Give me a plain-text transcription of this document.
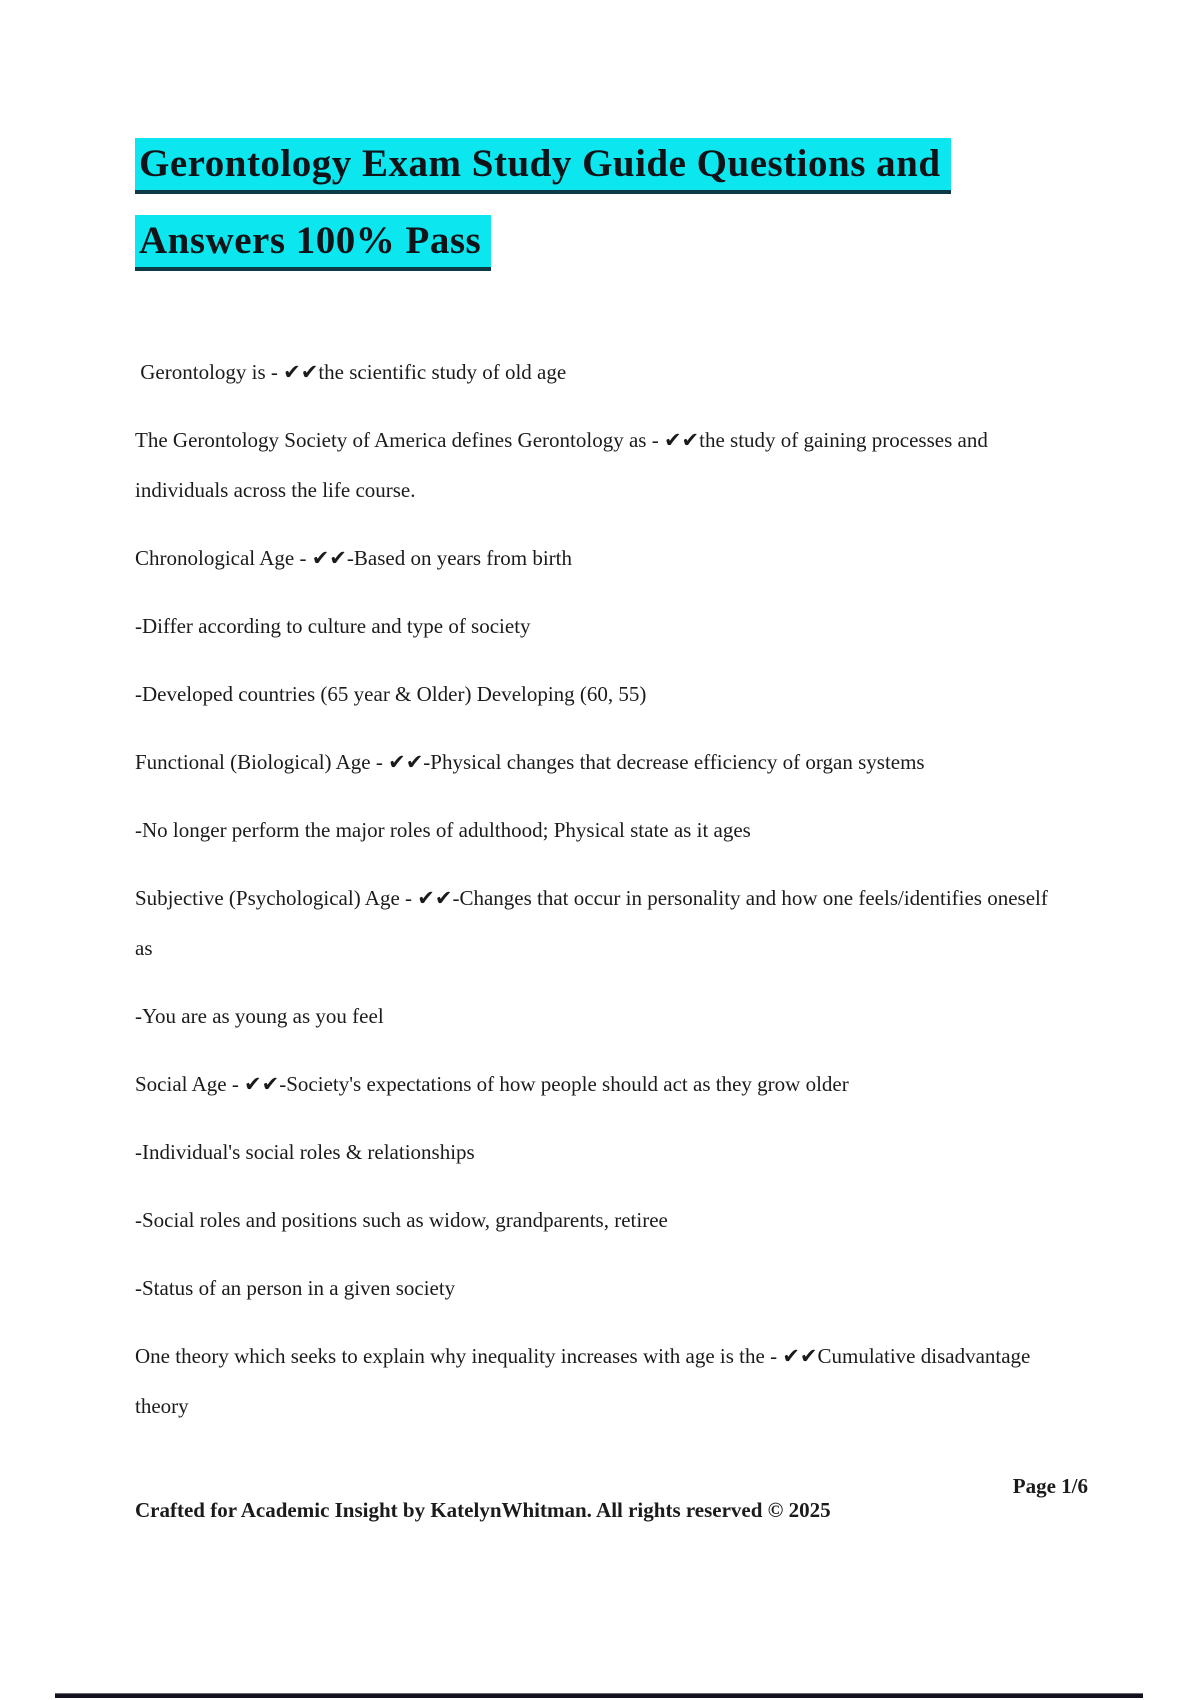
Gerontology Exam Study Guide Questions and
Answers 100% Pass

Gerontology is - ✔✔the scientific study of old age

The Gerontology Society of America defines Gerontology as - ✔✔the study of gaining processes and individuals across the life course.

Chronological Age - ✔✔-Based on years from birth

-Differ according to culture and type of society

-Developed countries (65 year & Older) Developing (60, 55)

Functional (Biological) Age - ✔✔-Physical changes that decrease efficiency of organ systems

-No longer perform the major roles of adulthood; Physical state as it ages

Subjective (Psychological) Age - ✔✔-Changes that occur in personality and how one feels/identifies oneself as

-You are as young as you feel

Social Age - ✔✔-Society's expectations of how people should act as they grow older

-Individual's social roles & relationships

-Social roles and positions such as widow, grandparents, retiree

-Status of an person in a given society

One theory which seeks to explain why inequality increases with age is the - ✔✔Cumulative disadvantage theory

Page 1/6
Crafted for Academic Insight by KatelynWhitman. All rights reserved © 2025
